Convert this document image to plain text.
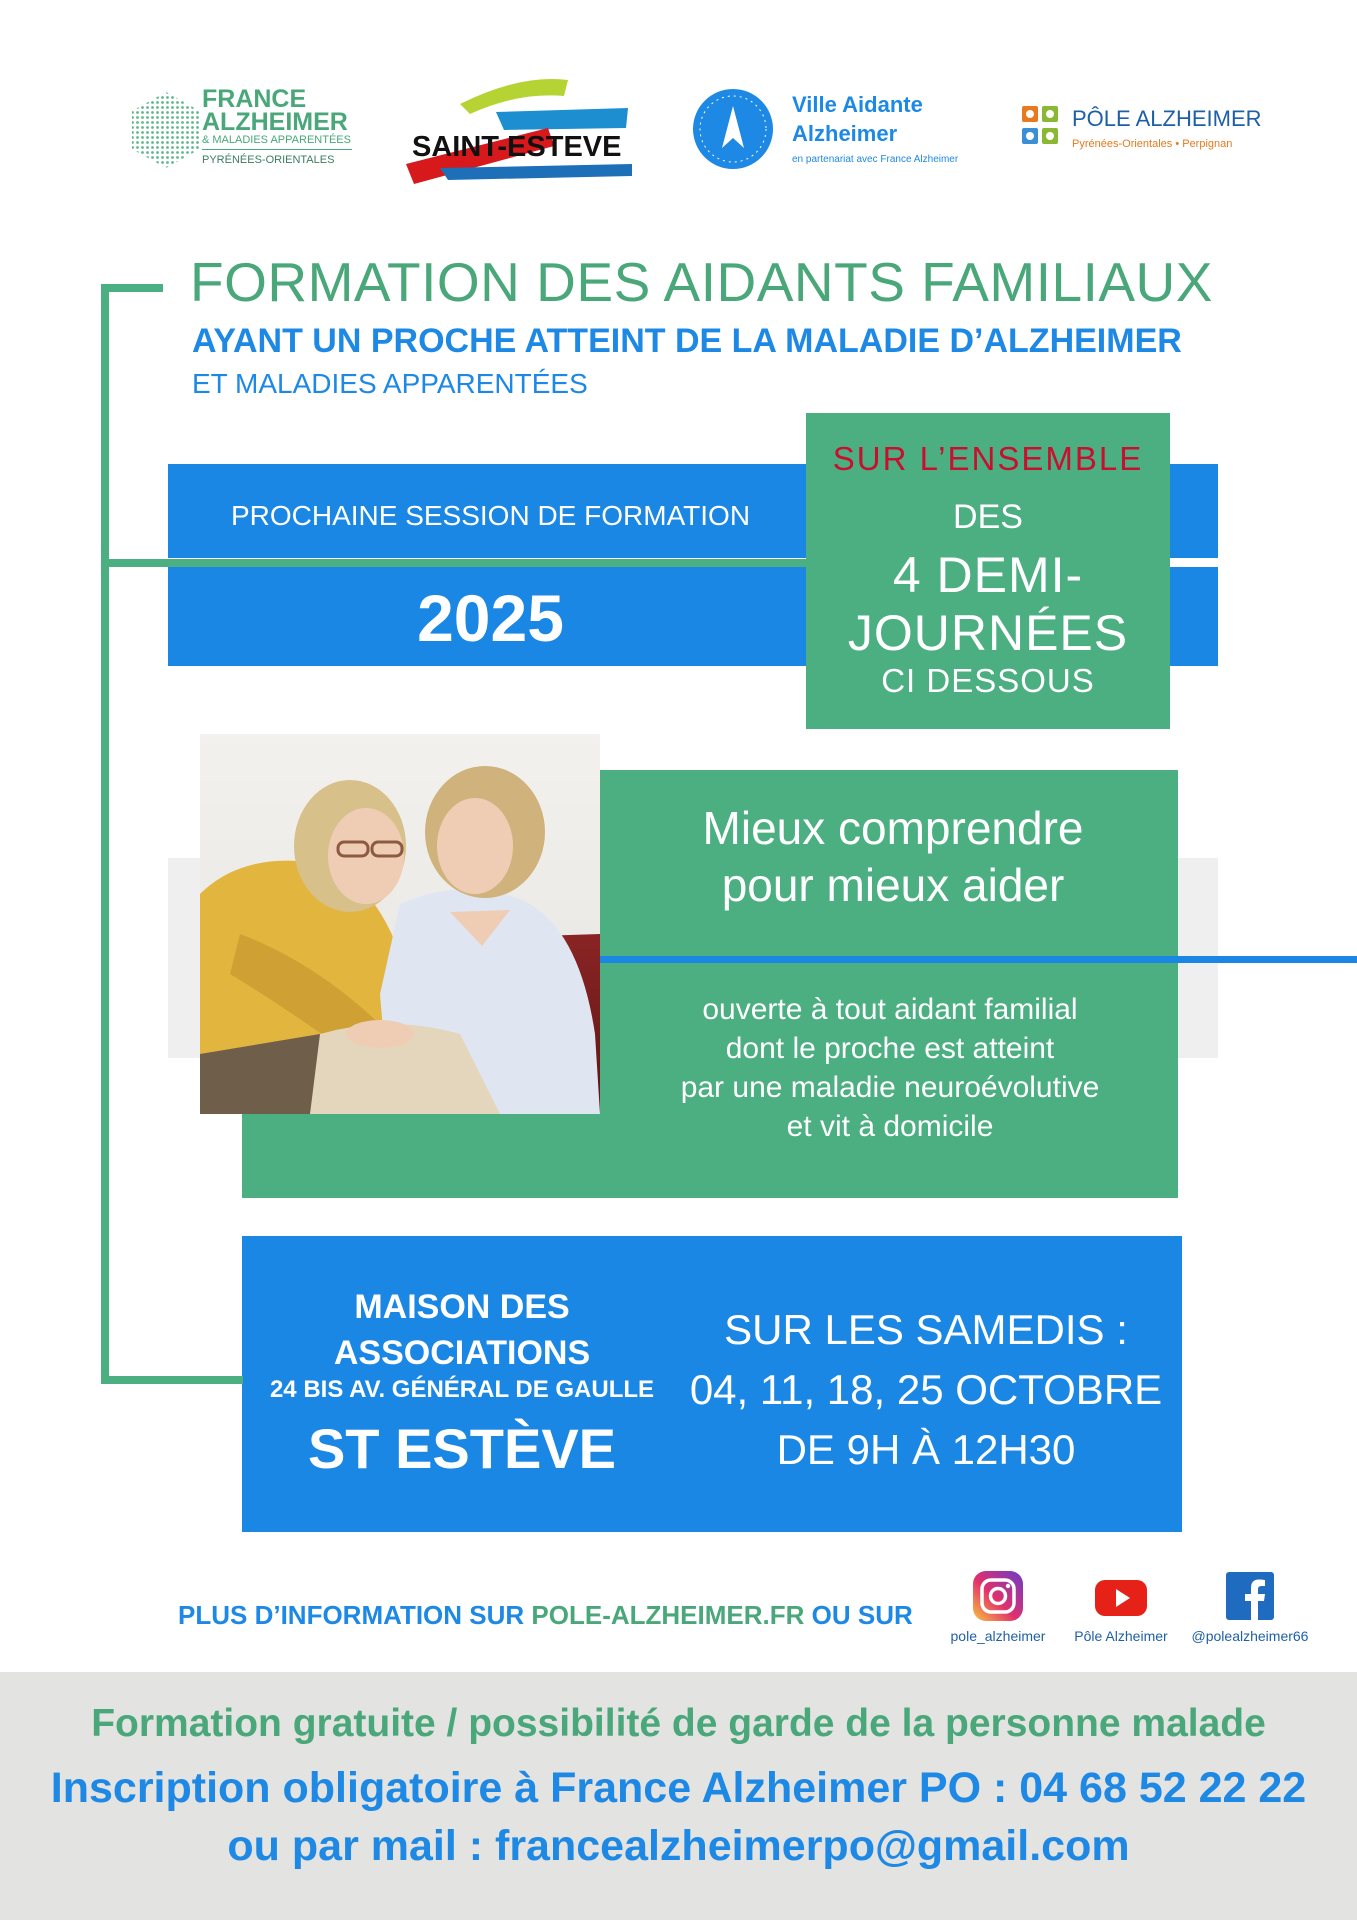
FRANCE
ALZHEIMER
& MALADIES APPARENTÉES
PYRÉNÉES-ORIENTALES	SAINT-ESTEVE
Ville Aidante
Alzheimer
en partenariat avec France Alzheimer
PÔLE ALZHEIMER
Pyrénées-Orientales • Perpignan
FORMATION DES AIDANTS FAMILIAUX
AYANT UN PROCHE ATTEINT DE LA MALADIE D’ALZHEIMER
ET MALADIES APPARENTÉES
PROCHAINE SESSION DE FORMATION
2025
SUR L’ENSEMBLE
DES
4 DEMI-
JOURNÉES
CI DESSOUS
Mieux comprendre
pour mieux aider
ouverte à tout aidant familial
dont le proche est atteint
par une maladie neuroévolutive
et vit à domicile
MAISON DES
ASSOCIATIONS
24 BIS AV. GÉNÉRAL DE GAULLE
ST ESTÈVE
SUR LES SAMEDIS :
04, 11, 18, 25 OCTOBRE
DE 9H À 12H30
PLUS D’INFORMATION SUR POLE-ALZHEIMER.FR OU SUR
pole_alzheimer	Pôle Alzheimer	@polealzheimer66
Formation gratuite / possibilité de garde de la personne malade
Inscription obligatoire à France Alzheimer PO : 04 68 52 22 22
ou par mail : francealzheimerpo@gmail.com
